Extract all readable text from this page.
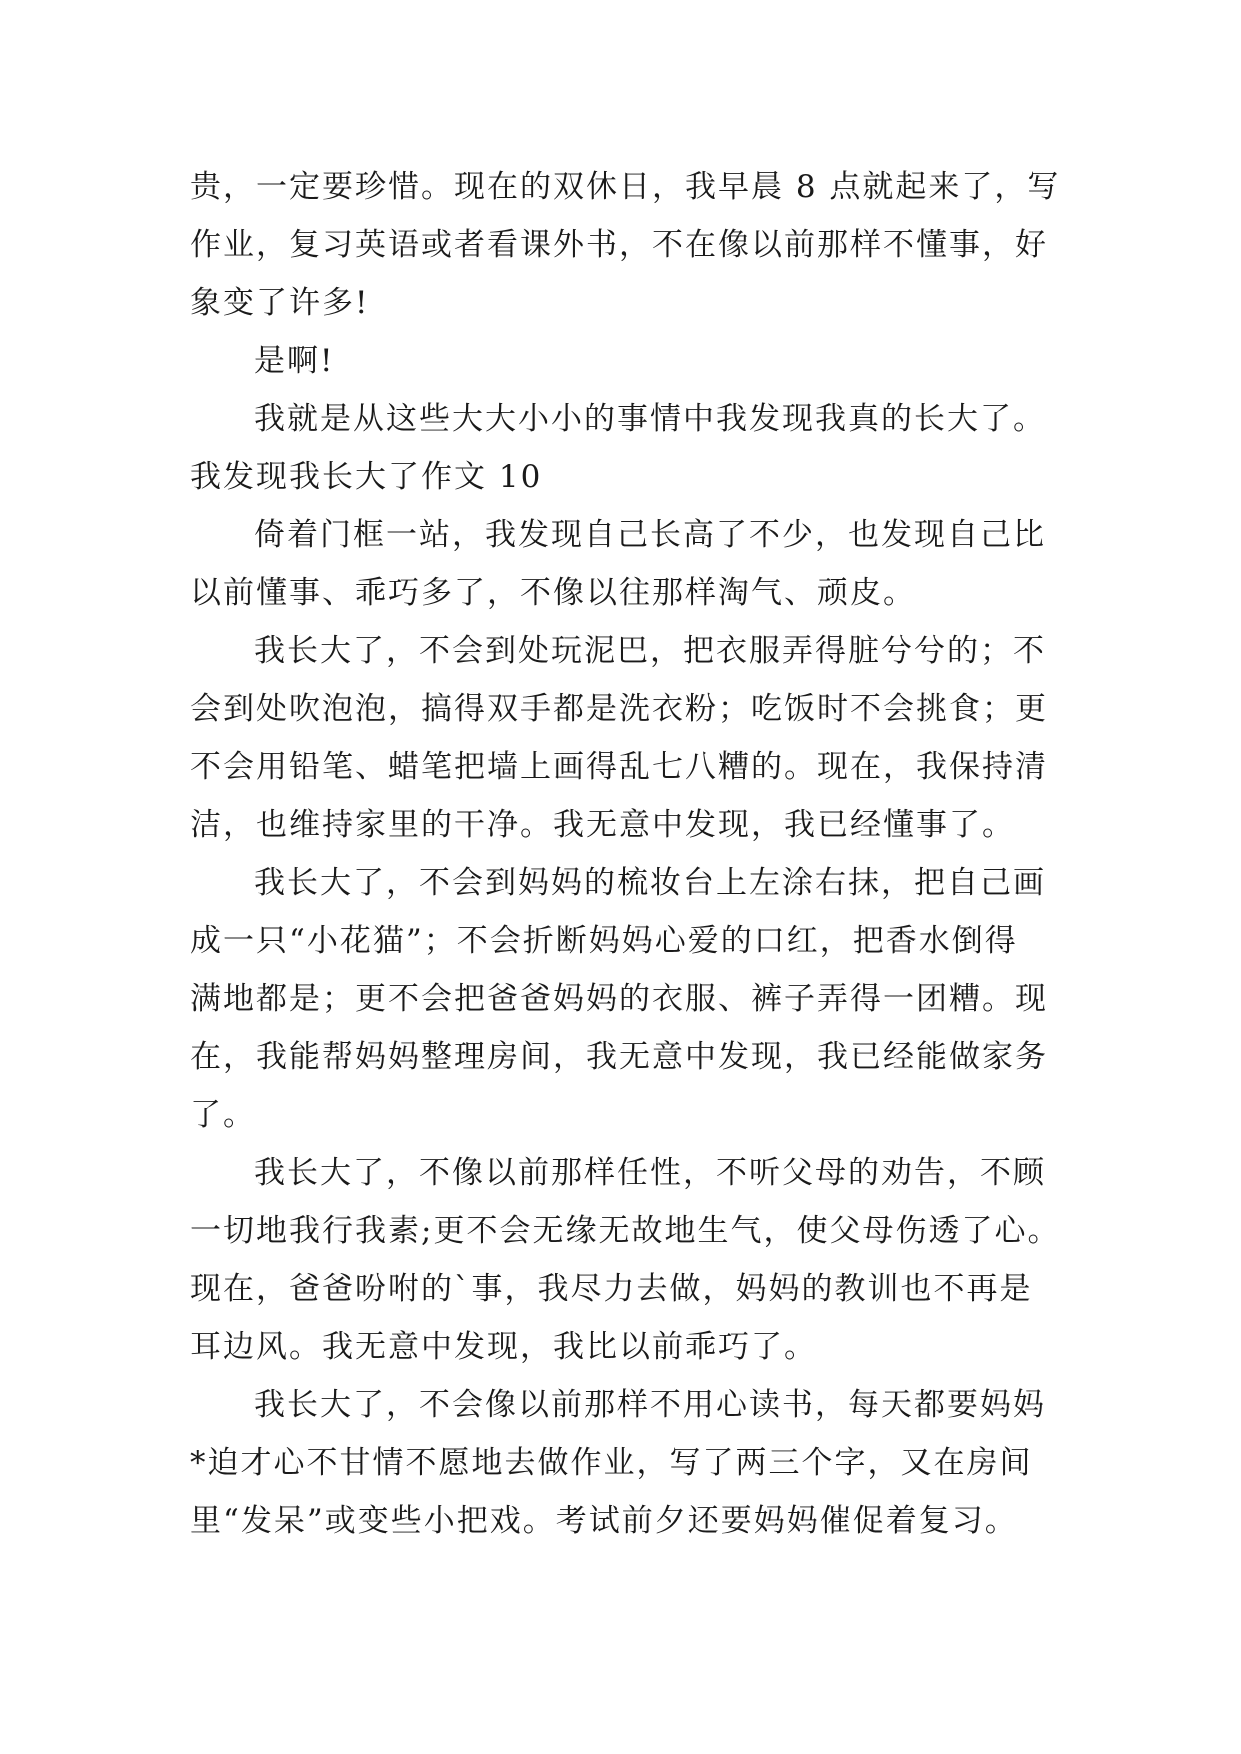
贵，一定要珍惜。现在的双休日，我早晨 8 点就起来了，写
作业，复习英语或者看课外书，不在像以前那样不懂事，好
象变了许多!
是啊!
我就是从这些大大小小的事情中我发现我真的长大了。
我发现我长大了作文 10
倚着门框一站，我发现自己长高了不少，也发现自己比
以前懂事、乖巧多了，不像以往那样淘气、顽皮。
我长大了，不会到处玩泥巴，把衣服弄得脏兮兮的；不
会到处吹泡泡，搞得双手都是洗衣粉；吃饭时不会挑食；更
不会用铅笔、蜡笔把墙上画得乱七八糟的。现在，我保持清
洁，也维持家里的干净。我无意中发现，我已经懂事了。
我长大了，不会到妈妈的梳妆台上左涂右抹，把自己画
成一只“小花猫”；不会折断妈妈心爱的口红，把香水倒得
满地都是；更不会把爸爸妈妈的衣服、裤子弄得一团糟。现
在，我能帮妈妈整理房间，我无意中发现，我已经能做家务
了。
我长大了，不像以前那样任性，不听父母的劝告，不顾
一切地我行我素;更不会无缘无故地生气，使父母伤透了心。
现在，爸爸吩咐的`事，我尽力去做，妈妈的教训也不再是
耳边风。我无意中发现，我比以前乖巧了。
我长大了，不会像以前那样不用心读书，每天都要妈妈
*迫才心不甘情不愿地去做作业，写了两三个字，又在房间
里“发呆”或变些小把戏。考试前夕还要妈妈催促着复习。
